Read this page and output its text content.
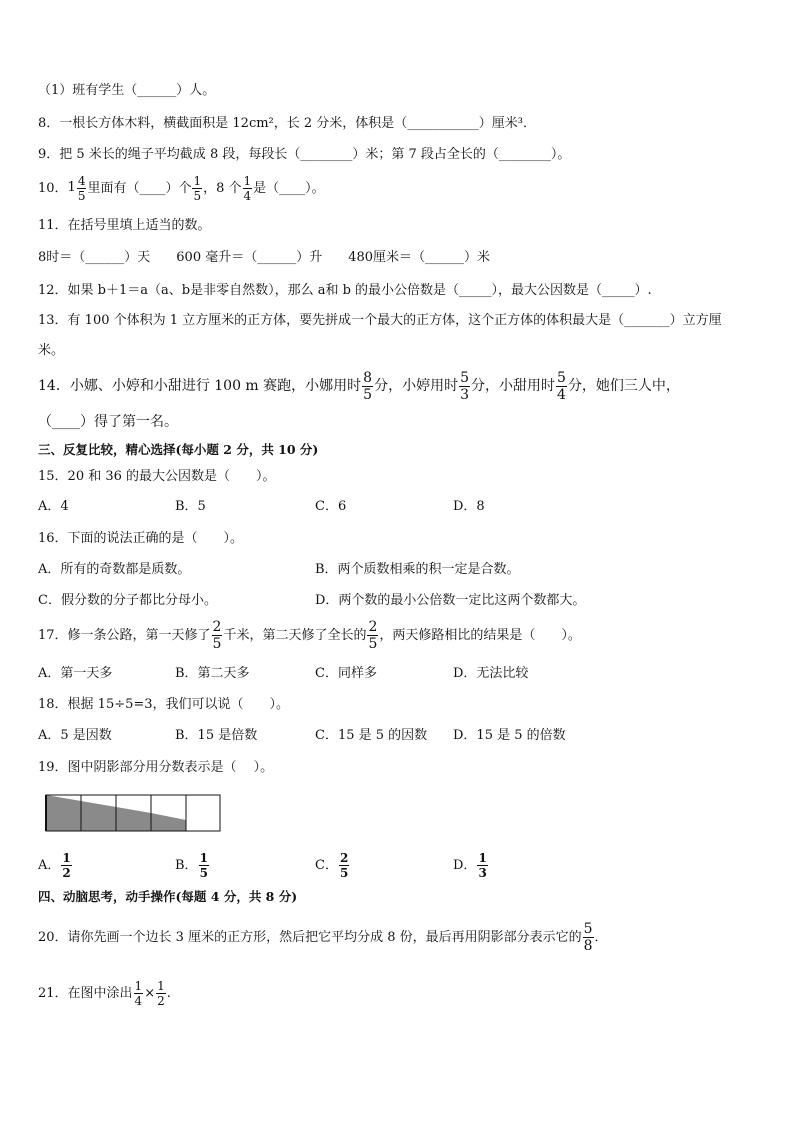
（1）班有学生（______）人。
8．一根长方体木料，横截面积是 12cm²，长 2 分米，体积是（___________）厘米³．
9．把 5 米长的绳子平均截成 8 段，每段长（________）米；第 7 段占全长的（________）。
10．$1 \frac{4}{5}$ 里面有（____）个 $\frac{1}{5}$ ，8 个 $\frac{1}{4}$ 是（____）。
11．在括号里填上适当的数。
8时＝（______）天　　600 毫升＝（______）升　　480厘米＝（______）米
12．如果 b＋1＝a（a、b是非零自然数），那么 a和 b 的最小公倍数是（_____），最大公因数是（_____）.
13．有 100 个体积为 1 立方厘米的正方体，要先拼成一个最大的正方体，这个正方体的体积最大是（_______）立方厘
米。
14．小娜、小婷和小甜进行 100 m 赛跑，小娜用时 $\frac{8}{5}$ 分，小婷用时 $\frac{5}{3}$ 分，小甜用时 $\frac{5}{4}$ 分，她们三人中，
（____）得了第一名。
三、反复比较，精心选择(每小题 2 分，共 10 分)
15．20 和 36 的最大公因数是（　　）。
A．4	B．5	C．6	D．8
16．下面的说法正确的是（　　）。
A．所有的奇数都是质数。	B．两个质数相乘的积一定是合数。
C．假分数的分子都比分母小。	D．两个数的最小公倍数一定比这两个数都大。
17．修一条公路，第一天修了 $\frac{2}{5}$ 千米，第二天修了全长的 $\frac{2}{5}$ ，两天修路相比的结果是（　　）。
A．第一天多	B．第二天多	C．同样多	D．无法比较
18．根据 15÷5=3，我们可以说（　　）。
A．5 是因数	B．15 是倍数	C．15 是 5 的因数 D．15 是 5 的倍数
19．图中阴影部分用分数表示是（　 ）。
A． $\frac{1}{2}$	B． $\frac{1}{5}$	C． $\frac{2}{5}$	D． $\frac{1}{3}$
四、动脑思考，动手操作(每题 4 分，共 8 分)
20．请你先画一个边长 3 厘米的正方形，然后把它平均分成 8 份，最后再用阴影部分表示它的 $\frac{5}{8}$ ．
21．在图中涂出 $\frac{1}{4} \times \frac{1}{2}$ .
